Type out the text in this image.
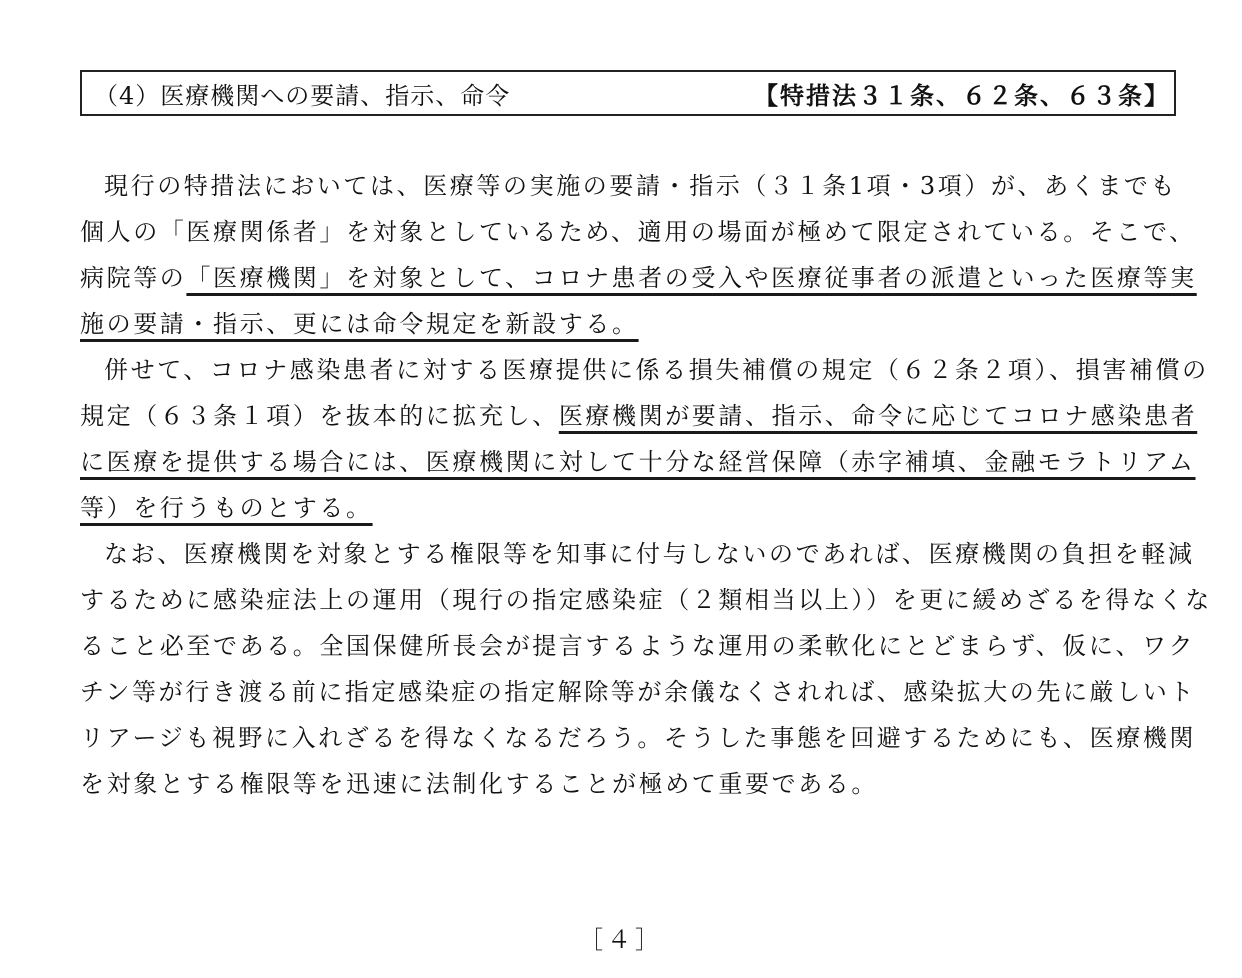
（4）医療機関への要請、指示、命令	【特措法３１条、６２条、６３条】
現行の特措法においては、医療等の実施の要請・指示（３１条1項・3項）が、あくまでも
個人の「医療関係者」を対象としているため、適用の場面が極めて限定されている。そこで、
病院等の「医療機関」を対象として、コロナ患者の受入や医療従事者の派遣といった医療等実
施の要請・指示、更には命令規定を新設する。
併せて、コロナ感染患者に対する医療提供に係る損失補償の規定（６２条２項）、損害補償の
規定（６３条１項）を抜本的に拡充し、医療機関が要請、指示、命令に応じてコロナ感染患者
に医療を提供する場合には、医療機関に対して十分な経営保障（赤字補填、金融モラトリアム
等）を行うものとする。
なお、医療機関を対象とする権限等を知事に付与しないのであれば、医療機関の負担を軽減
するために感染症法上の運用（現行の指定感染症（２類相当以上））を更に緩めざるを得なくな
ること必至である。全国保健所長会が提言するような運用の柔軟化にとどまらず、仮に、ワク
チン等が行き渡る前に指定感染症の指定解除等が余儀なくされれば、感染拡大の先に厳しいト
リアージも視野に入れざるを得なくなるだろう。そうした事態を回避するためにも、医療機関
を対象とする権限等を迅速に法制化することが極めて重要である。
［４］
